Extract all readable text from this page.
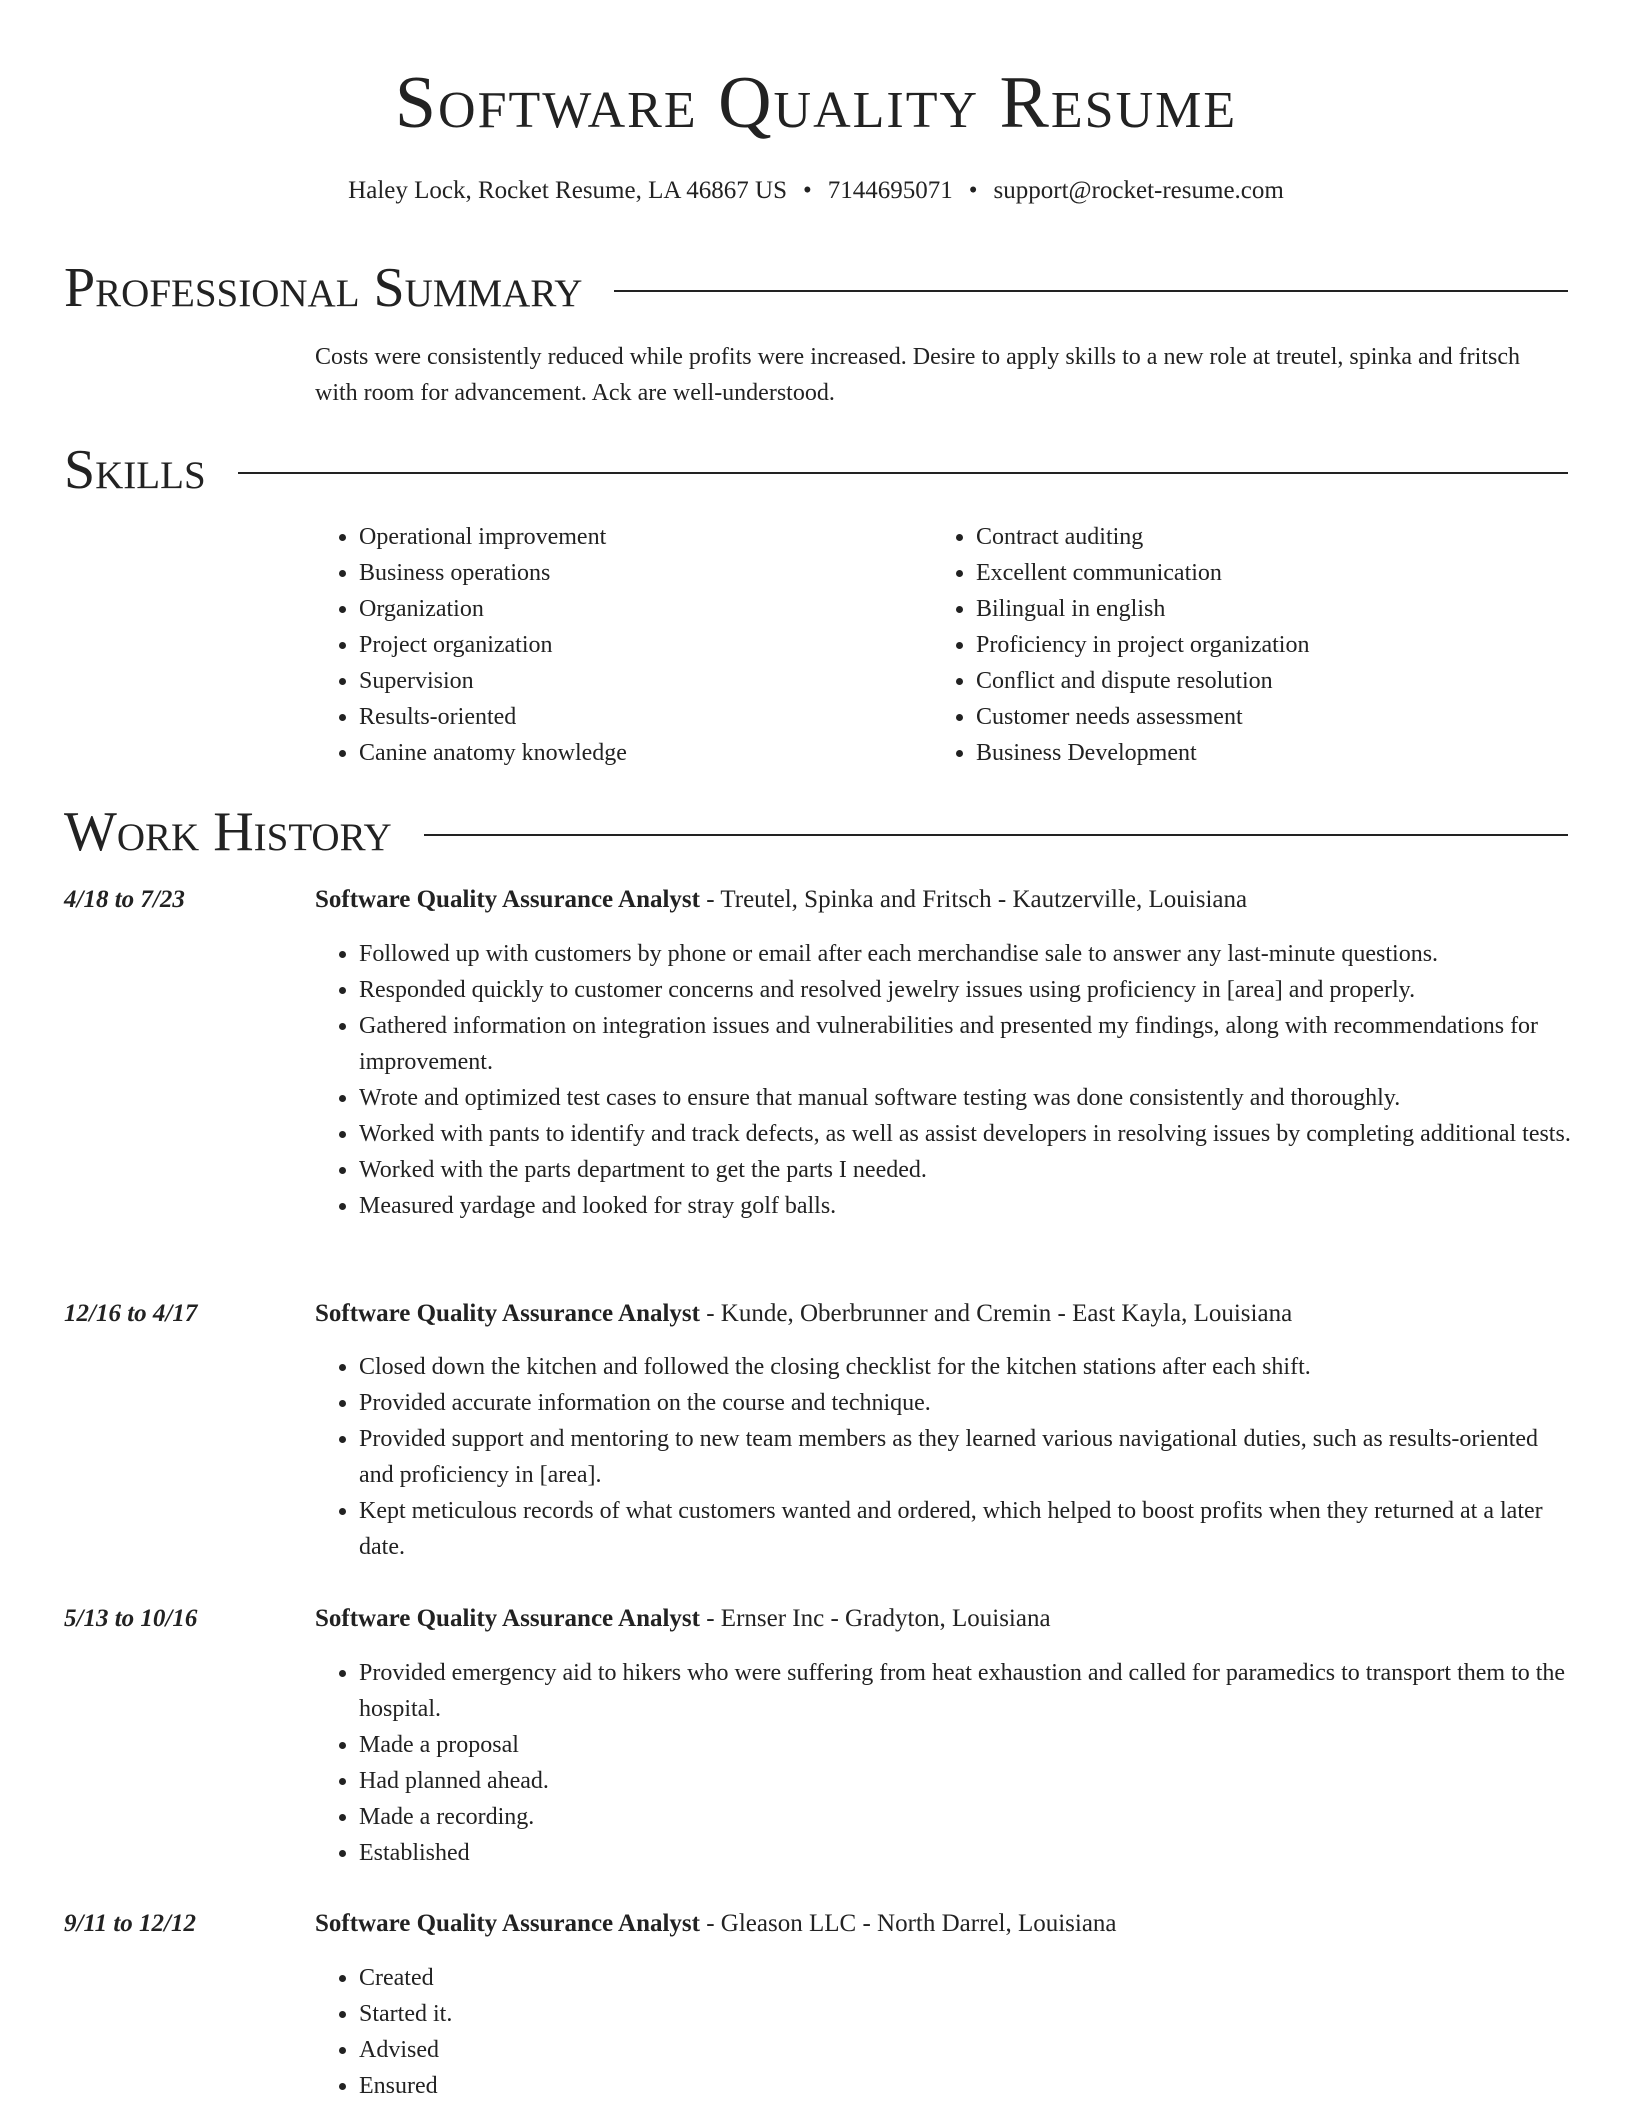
Software Quality Resume
Haley Lock, Rocket Resume, LA 46867 US • 7144695071 • support@rocket-resume.com
Professional Summary
Costs were consistently reduced while profits were increased. Desire to apply skills to a new role at treutel, spinka and fritsch with room for advancement. Ack are well-understood.
Skills
• Operational improvement
• Business operations
• Organization
• Project organization
• Supervision
• Results-oriented
• Canine anatomy knowledge
• Contract auditing
• Excellent communication
• Bilingual in english
• Proficiency in project organization
• Conflict and dispute resolution
• Customer needs assessment
• Business Development
Work History
4/18 to 7/23	Software Quality Assurance Analyst - Treutel, Spinka and Fritsch - Kautzerville, Louisiana
• Followed up with customers by phone or email after each merchandise sale to answer any last-minute questions.
• Responded quickly to customer concerns and resolved jewelry issues using proficiency in [area] and properly.
• Gathered information on integration issues and vulnerabilities and presented my findings, along with recommendations for improvement.
• Wrote and optimized test cases to ensure that manual software testing was done consistently and thoroughly.
• Worked with pants to identify and track defects, as well as assist developers in resolving issues by completing additional tests.
• Worked with the parts department to get the parts I needed.
• Measured yardage and looked for stray golf balls.
12/16 to 4/17	Software Quality Assurance Analyst - Kunde, Oberbrunner and Cremin - East Kayla, Louisiana
• Closed down the kitchen and followed the closing checklist for the kitchen stations after each shift.
• Provided accurate information on the course and technique.
• Provided support and mentoring to new team members as they learned various navigational duties, such as results-oriented and proficiency in [area].
• Kept meticulous records of what customers wanted and ordered, which helped to boost profits when they returned at a later date.
5/13 to 10/16	Software Quality Assurance Analyst - Ernser Inc - Gradyton, Louisiana
• Provided emergency aid to hikers who were suffering from heat exhaustion and called for paramedics to transport them to the hospital.
• Made a proposal
• Had planned ahead.
• Made a recording.
• Established
9/11 to 12/12	Software Quality Assurance Analyst - Gleason LLC - North Darrel, Louisiana
• Created
• Started it.
• Advised
• Ensured
